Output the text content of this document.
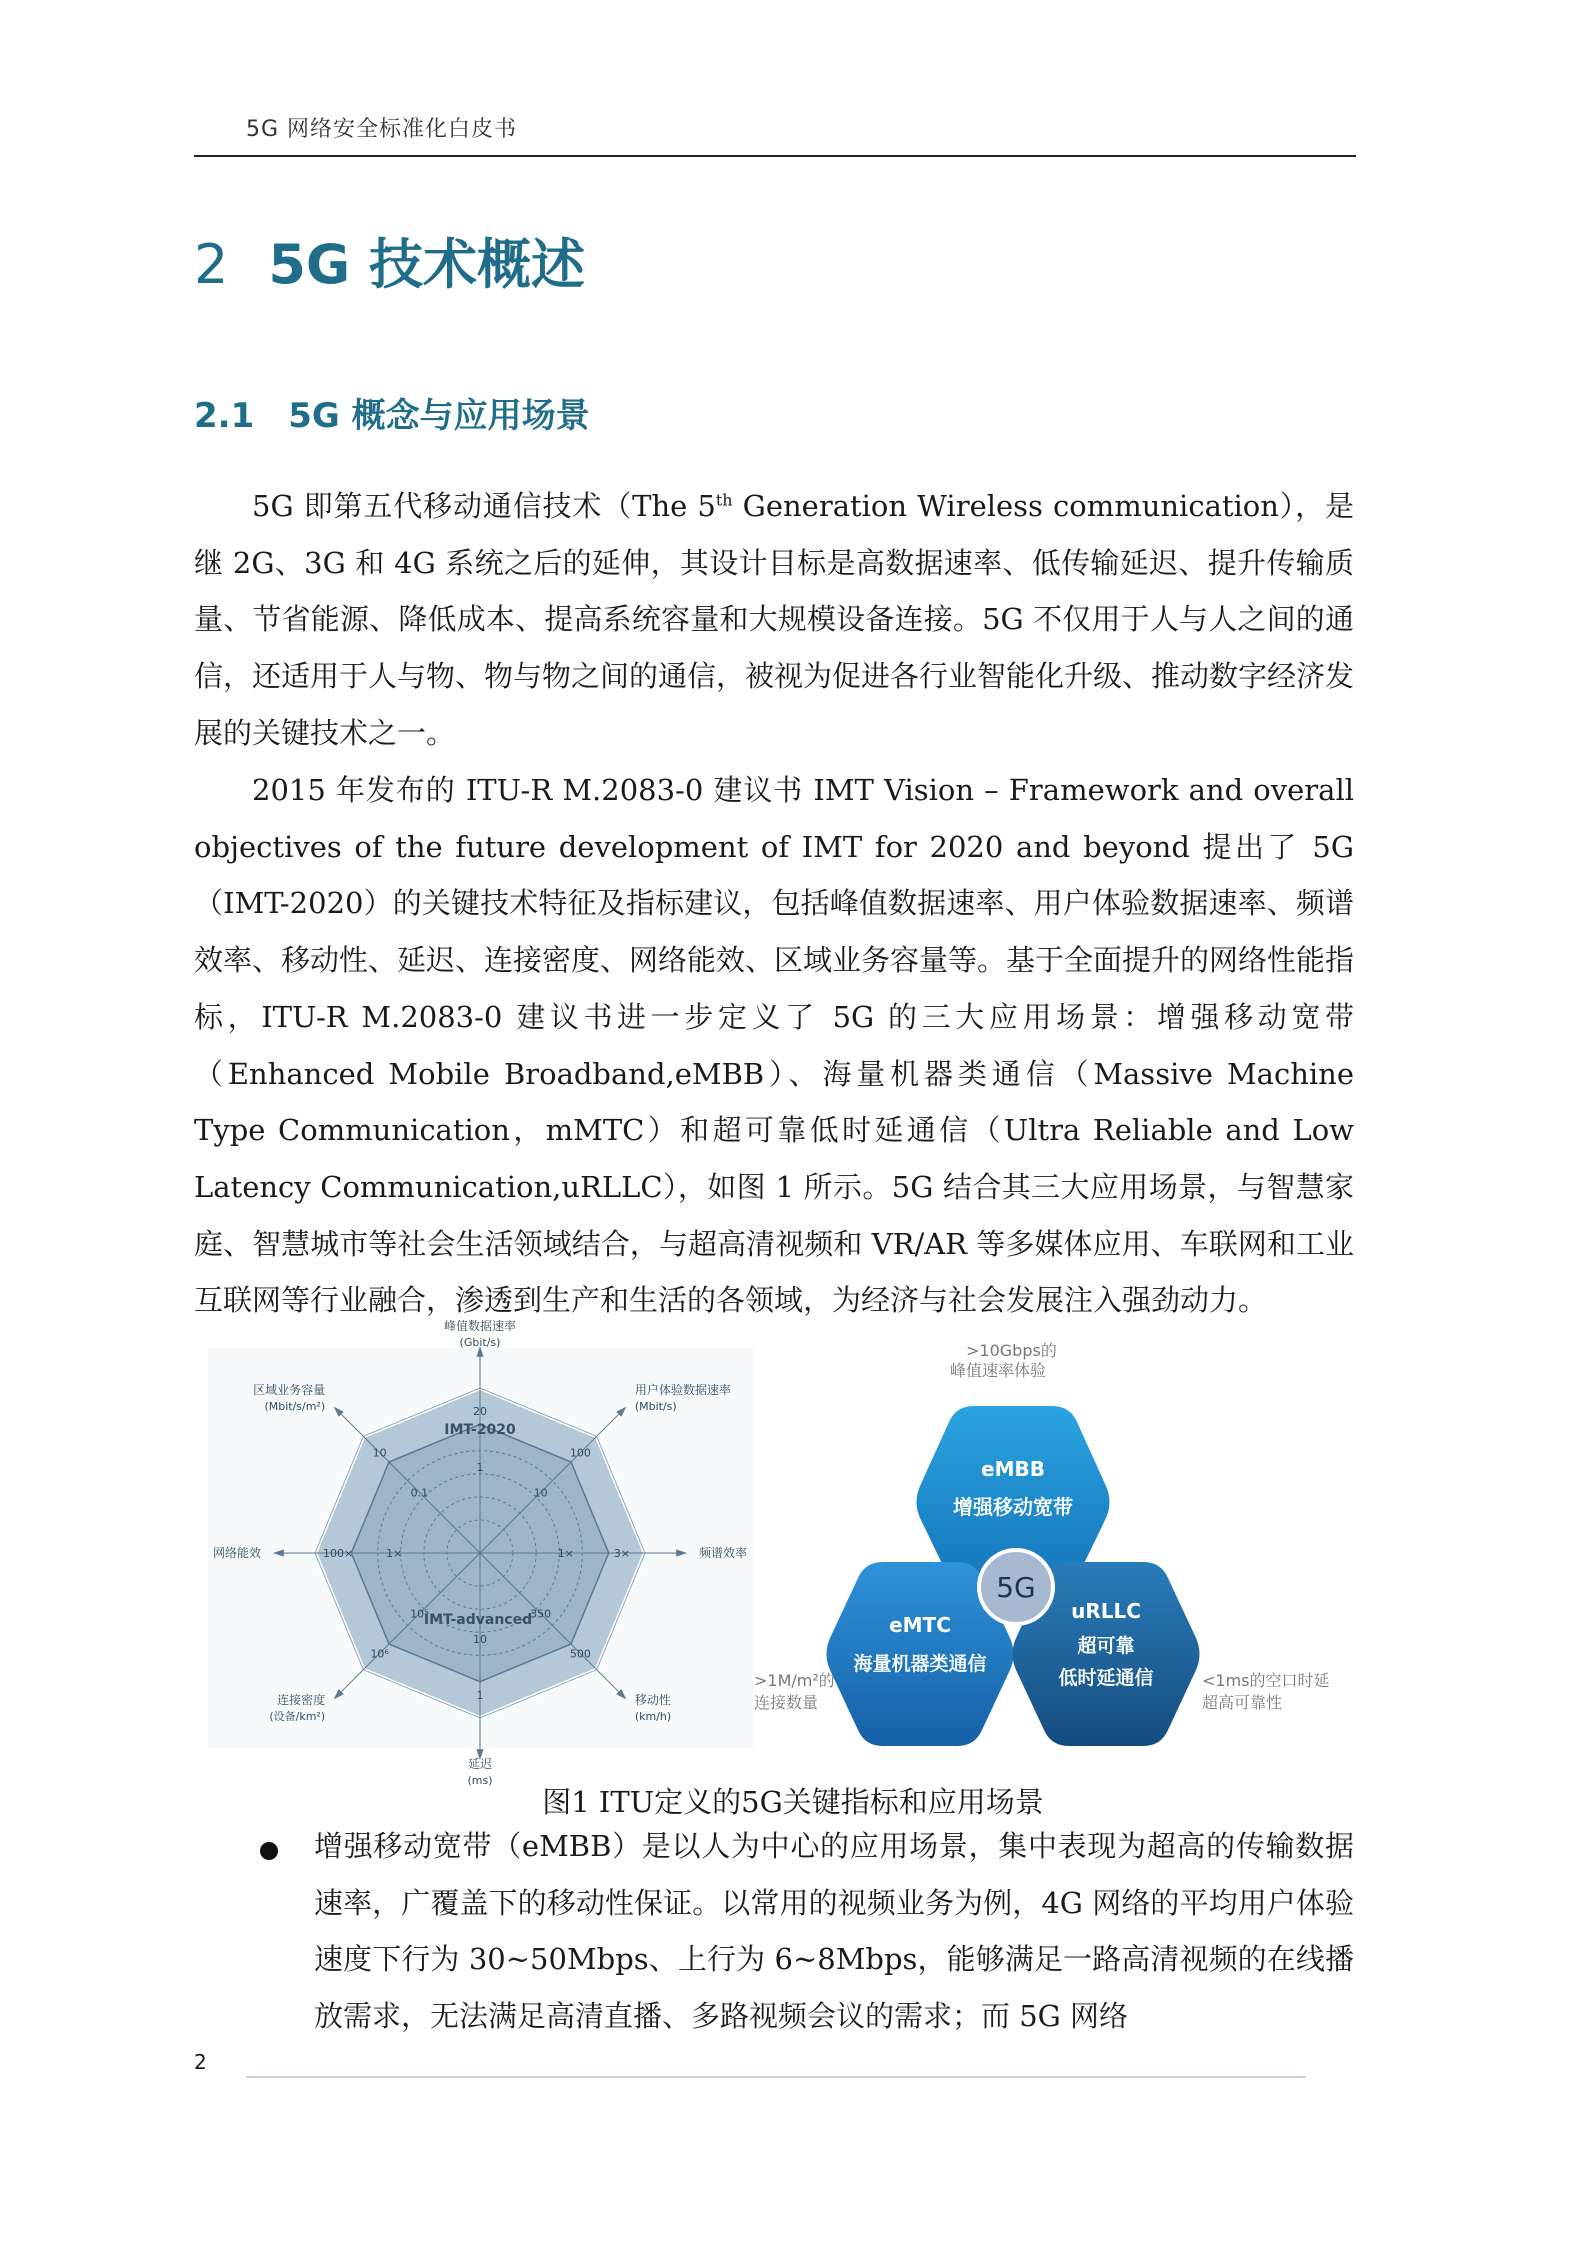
5G 网络安全标准化白皮书
2 5G 技术概述
2.1 5G 概念与应用场景

5G 即第五代移动通信技术（The 5th Generation Wireless communication），是继 2G、3G 和 4G 系统之后的延伸，其设计目标是高数据速率、低传输延迟、提升传输质量、节省能源、降低成本、提高系统容量和大规模设备连接。5G 不仅用于人与人之间的通信，还适用于人与物、物与物之间的通信，被视为促进各行业智能化升级、推动数字经济发展的关键技术之一。

2015 年发布的 ITU-R M.2083-0 建议书 IMT Vision – Framework and overall objectives of the future development of IMT for 2020 and beyond 提出了 5G（IMT-2020）的关键技术特征及指标建议，包括峰值数据速率、用户体验数据速率、频谱效率、移动性、延迟、连接密度、网络能效、区域业务容量等。基于全面提升的网络性能指标，ITU-R M.2083-0 建议书进一步定义了 5G 的三大应用场景：增强移动宽带（Enhanced Mobile Broadband,eMBB）、海量机器类通信（Massive Machine Type Communication，mMTC）和超可靠低时延通信（Ultra Reliable and Low Latency Communication,uRLLC），如图 1 所示。5G 结合其三大应用场景，与智慧家庭、智慧城市等社会生活领域结合，与超高清视频和 VR/AR 等多媒体应用、车联网和工业互联网等行业融合，渗透到生产和生活的各领域，为经济与社会发展注入强劲动力。

20
1
峰值数据速率
(Gbit/s)
100
10
用户体验数据速率
(Mbit/s)
3×
1×	频谱效率
500
350
移动性
(km/h)
1
10
延迟
(ms)
10⁶
10⁵
连接密度
(设备/km²)
100×	1×
网络能效
10
0.1
区域业务容量
(Mbit/s/m²)
IMT-2020
IMT-advanced
>10Gbps的
峰值速率体验
eMBB
增强移动宽带
eMTC
海量机器类通信
uRLLC
超可靠
低时延通信
5G
>1M/m²的
连接数量
<1ms的空口时延
超高可靠性
图1 ITU定义的5G关键指标和应用场景

增强移动宽带（eMBB）是以人为中心的应用场景，集中表现为超高的传输数据速率，广覆盖下的移动性保证。以常用的视频业务为例，4G 网络的平均用户体验速度下行为 30~50Mbps、上行为 6~8Mbps，能够满足一路高清视频的在线播放需求，无法满足高清直播、多路视频会议的需求；而 5G 网络

2
